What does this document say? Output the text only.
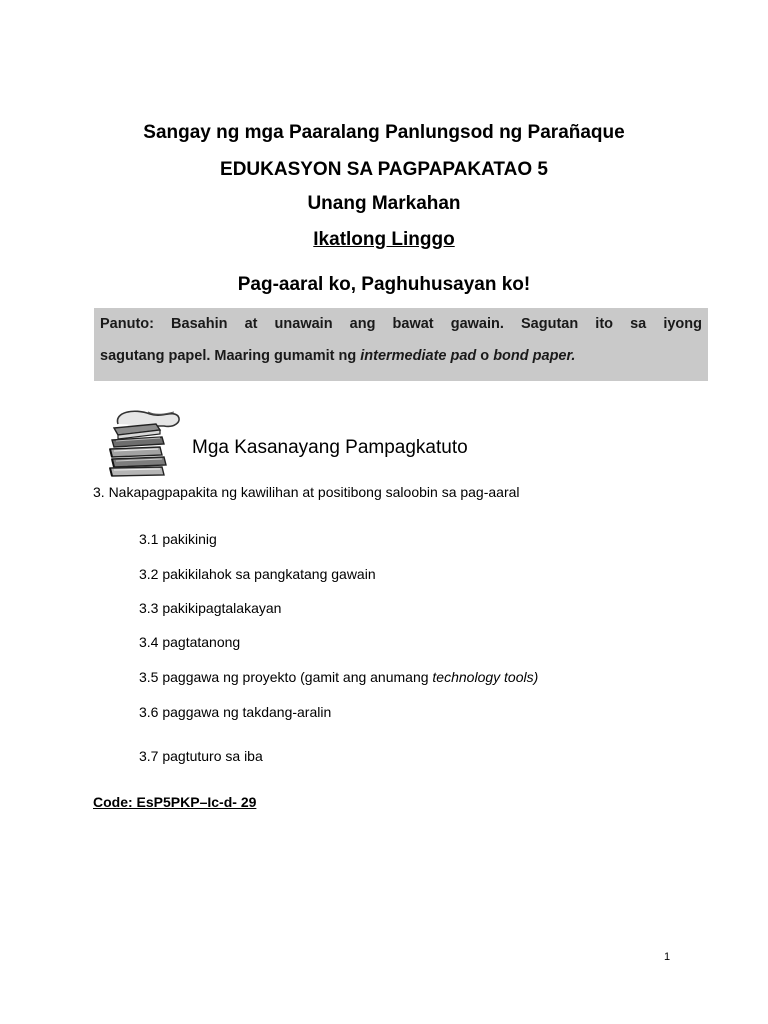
Sangay ng mga Paaralang Panlungsod ng Parañaque

EDUKASYON SA PAGPAPAKATAO 5

Unang Markahan

Ikatlong Linggo

Pag-aaral ko, Paghuhusayan ko!

Panuto: Basahin at unawain ang bawat gawain. Sagutan ito sa iyong
sagutang papel. Maaring gumamit ng intermediate pad o bond paper.
Mga Kasanayang Pampagkatuto

3. Nakapagpapakita ng kawilihan at positibong saloobin sa pag-aaral

3.1 pakikinig

3.2 pakikilahok sa pangkatang gawain

3.3 pakikipagtalakayan

3.4 pagtatanong

3.5 paggawa ng proyekto (gamit ang anumang technology tools)

3.6 paggawa ng takdang-aralin

3.7 pagtuturo sa iba

Code: EsP5PKP–Ic-d- 29

1
